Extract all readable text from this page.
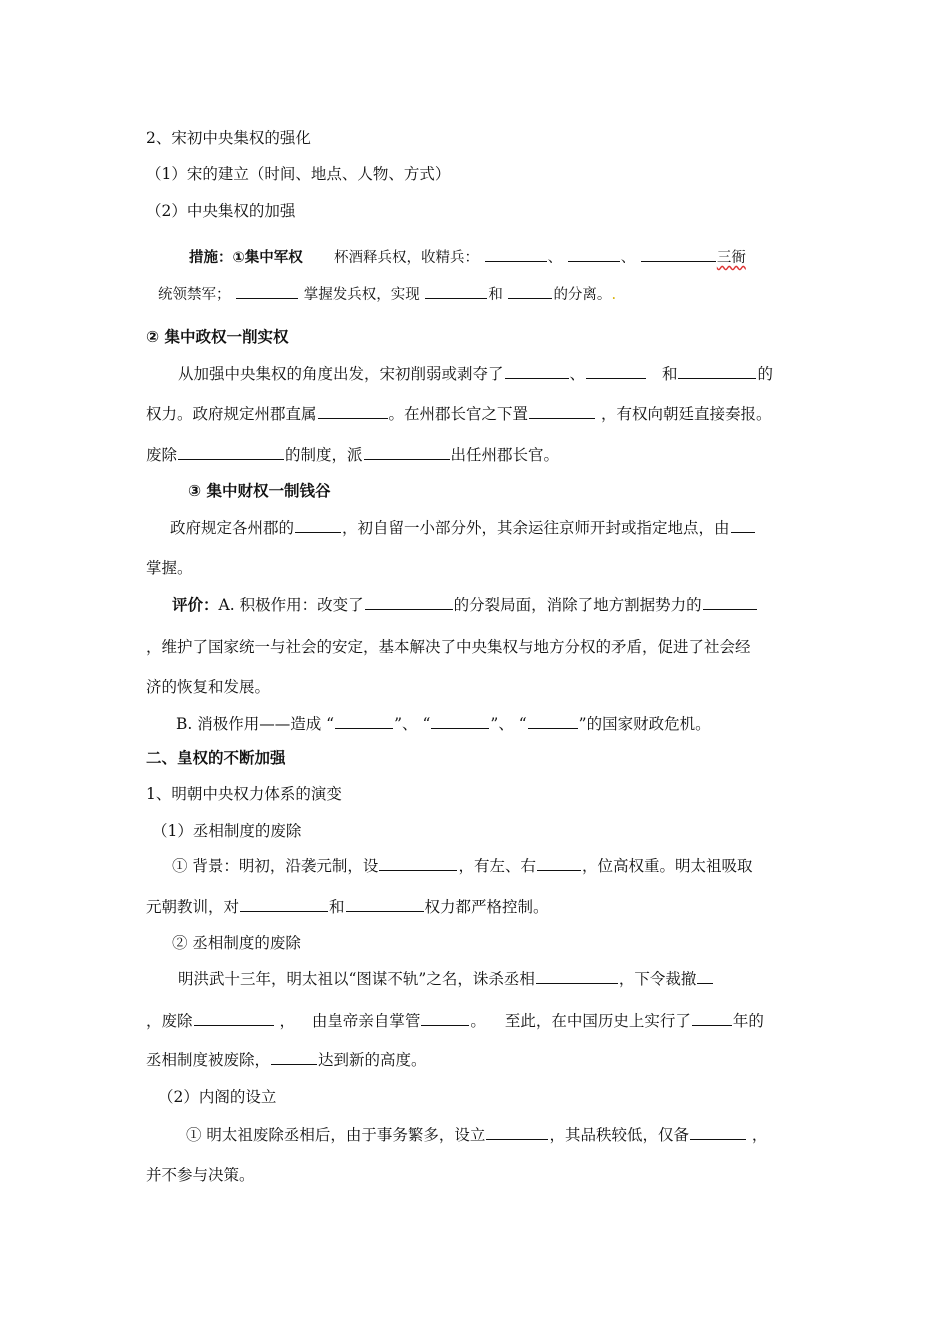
2、宋初中央集权的强化
（1）宋的建立（时间、地点、人物、方式）
（2）中央集权的加强
措施：①集中军权 杯酒释兵权，收精兵：	、	、	三衙
统领禁军；	掌握发兵权，实现	和	的分离。.
② 集中政权一削实权
从加强中央集权的角度出发，宋初削弱或剥夺了	、	和	的
权力。政府规定州郡直属	。在州郡长官之下置	，有权向朝廷直接奏报。
废除	的制度，派	出任州郡长官。
③ 集中财权一制钱谷
政府规定各州郡的	，初自留一小部分外，其余运往京师开封或指定地点，由
掌握。
评价：A. 积极作用：改变了	的分裂局面，消除了地方割据势力的
，维护了国家统一与社会的安定，基本解决了中央集权与地方分权的矛盾，促进了社会经
济的恢复和发展。
B. 消极作用——造成 “	”、 “	”、 “	”的国家财政危机。
二、皇权的不断加强
1、明朝中央权力体系的演变
（1）丞相制度的废除
① 背景：明初，沿袭元制，设	，有左、右	，位高权重。明太祖吸取
元朝教训，对	和	权力都严格控制。
② 丞相制度的废除
明洪武十三年，明太祖以“图谋不轨”之名，诛杀丞相	，下令裁撤
，废除	， 由皇帝亲自掌管	。 至此，在中国历史上实行了	年的
丞相制度被废除，	达到新的高度。
（2）内阁的设立
① 明太祖废除丞相后，由于事务繁多，设立	，其品秩较低，仅备	，
并不参与决策。
